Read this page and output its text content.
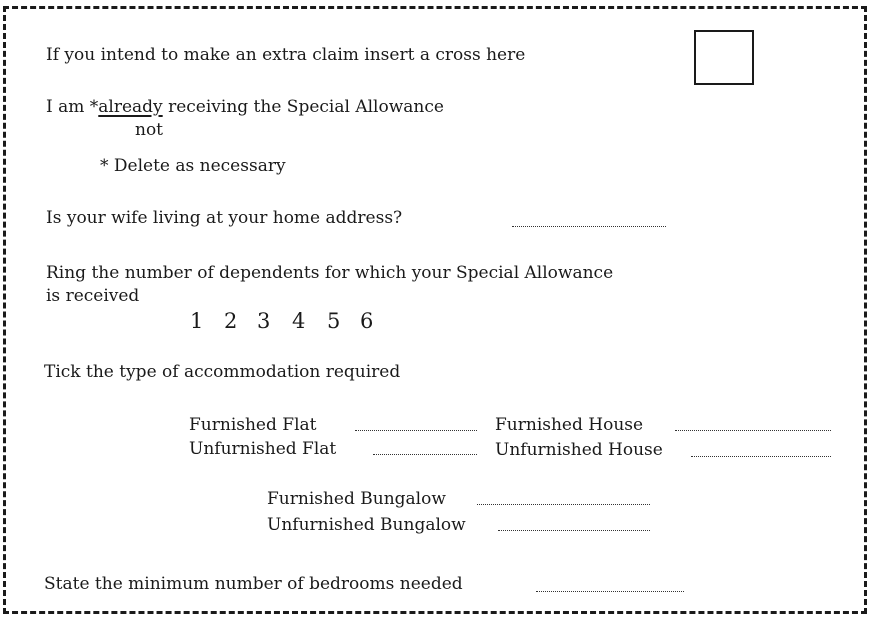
If you intend to make an extra claim insert a cross here
I am *already receiving the Special Allowance
not
* Delete as necessary
Is your wife living at your home address?
Ring the number of dependents for which your Special Allowance
is received
1 2 3 4 5 6
Tick the type of accommodation required
Furnished Flat	Furnished House
Unfurnished Flat	Unfurnished House
Furnished Bungalow
Unfurnished Bungalow
State the minimum number of bedrooms needed
